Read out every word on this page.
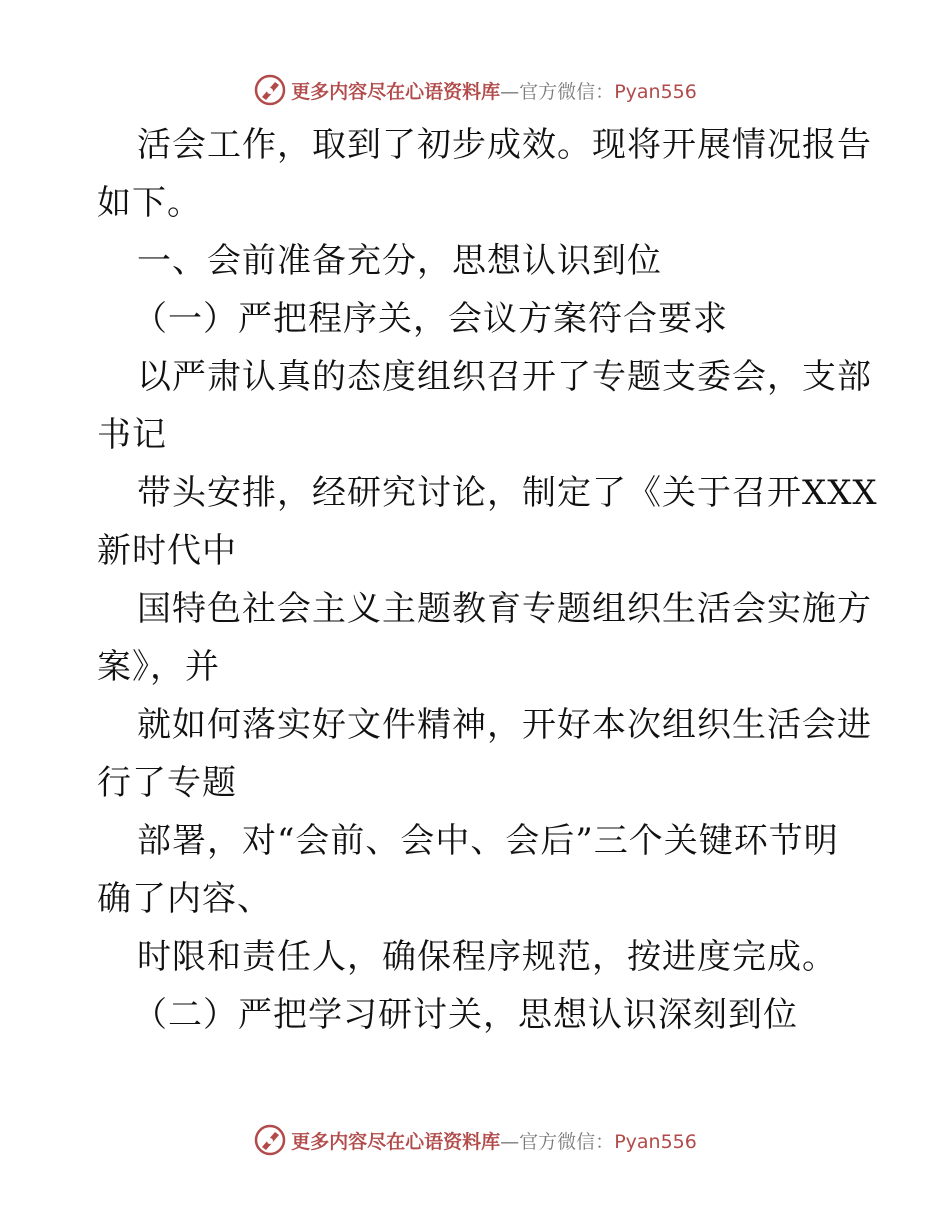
更多内容尽在心语资料库—官方微信：Pyan556
活会工作，取到了初步成效。现将开展情况报告
如下。
一、会前准备充分，思想认识到位
（一）严把程序关，会议方案符合要求
以严肃认真的态度组织召开了专题支委会，支部
书记
带头安排，经研究讨论，制定了《关于召开XXX
新时代中
国特色社会主义主题教育专题组织生活会实施方
案》，并
就如何落实好文件精神，开好本次组织生活会进
行了专题
部署，对“会前、会中、会后”三个关键环节明
确了内容、
时限和责任人，确保程序规范，按进度完成。
（二）严把学习研讨关，思想认识深刻到位
更多内容尽在心语资料库—官方微信：Pyan556
